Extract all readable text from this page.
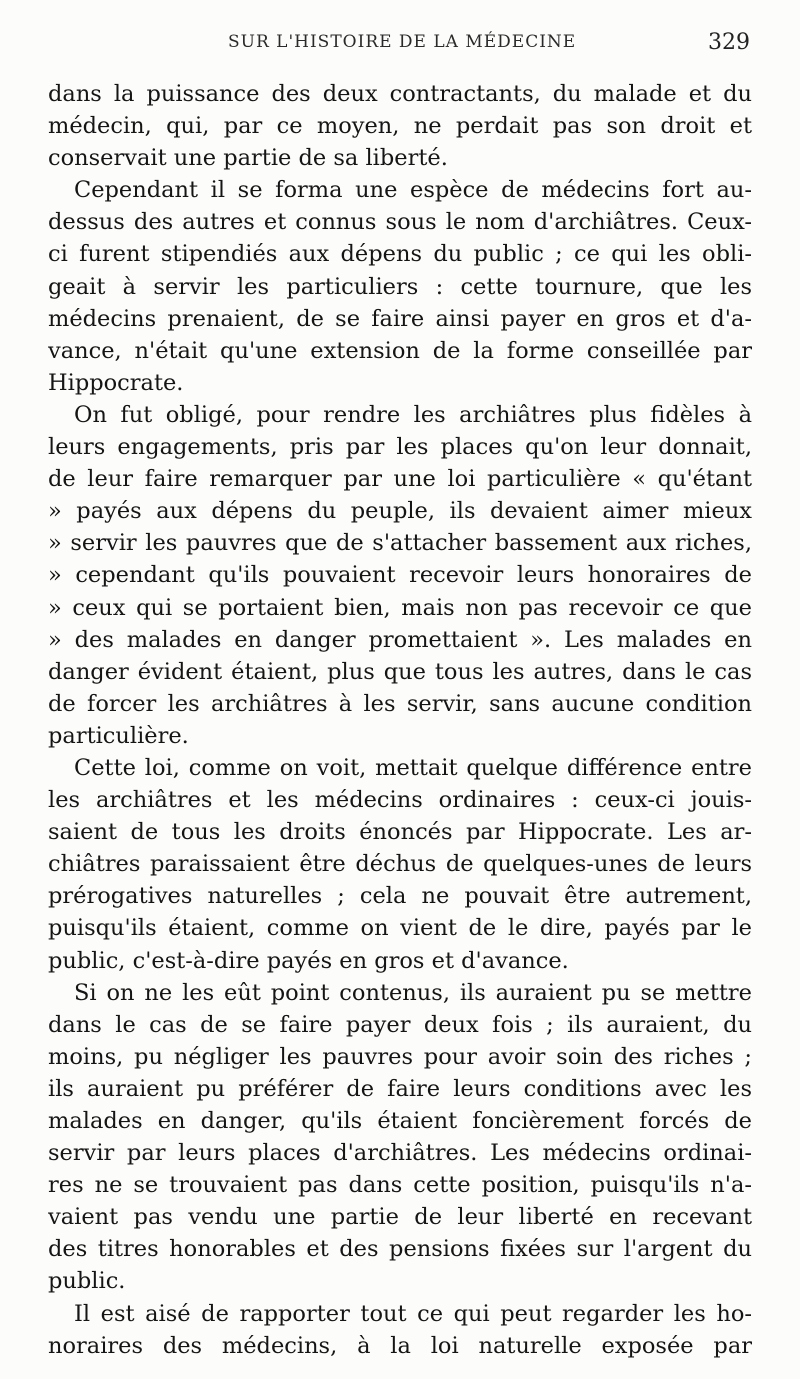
SUR L'HISTOIRE DE LA MÉDECINE	329
dans la puissance des deux contractants, du malade et du
médecin, qui, par ce moyen, ne perdait pas son droit et
conservait une partie de sa liberté.
Cependant il se forma une espèce de médecins fort au-
dessus des autres et connus sous le nom d'archiâtres. Ceux-
ci furent stipendiés aux dépens du public ; ce qui les obli-
geait à servir les particuliers : cette tournure, que les
médecins prenaient, de se faire ainsi payer en gros et d'a-
vance, n'était qu'une extension de la forme conseillée par
Hippocrate.
On fut obligé, pour rendre les archiâtres plus fidèles à
leurs engagements, pris par les places qu'on leur donnait,
de leur faire remarquer par une loi particulière « qu'étant
» payés aux dépens du peuple, ils devaient aimer mieux
» servir les pauvres que de s'attacher bassement aux riches,
» cependant qu'ils pouvaient recevoir leurs honoraires de
» ceux qui se portaient bien, mais non pas recevoir ce que
» des malades en danger promettaient ». Les malades en
danger évident étaient, plus que tous les autres, dans le cas
de forcer les archiâtres à les servir, sans aucune condition
particulière.
Cette loi, comme on voit, mettait quelque différence entre
les archiâtres et les médecins ordinaires : ceux-ci jouis-
saient de tous les droits énoncés par Hippocrate. Les ar-
chiâtres paraissaient être déchus de quelques-unes de leurs
prérogatives naturelles ; cela ne pouvait être autrement,
puisqu'ils étaient, comme on vient de le dire, payés par le
public, c'est-à-dire payés en gros et d'avance.
Si on ne les eût point contenus, ils auraient pu se mettre
dans le cas de se faire payer deux fois ; ils auraient, du
moins, pu négliger les pauvres pour avoir soin des riches ;
ils auraient pu préférer de faire leurs conditions avec les
malades en danger, qu'ils étaient foncièrement forcés de
servir par leurs places d'archiâtres. Les médecins ordinai-
res ne se trouvaient pas dans cette position, puisqu'ils n'a-
vaient pas vendu une partie de leur liberté en recevant
des titres honorables et des pensions fixées sur l'argent du
public.
Il est aisé de rapporter tout ce qui peut regarder les ho-
noraires des médecins, à la loi naturelle exposée par
